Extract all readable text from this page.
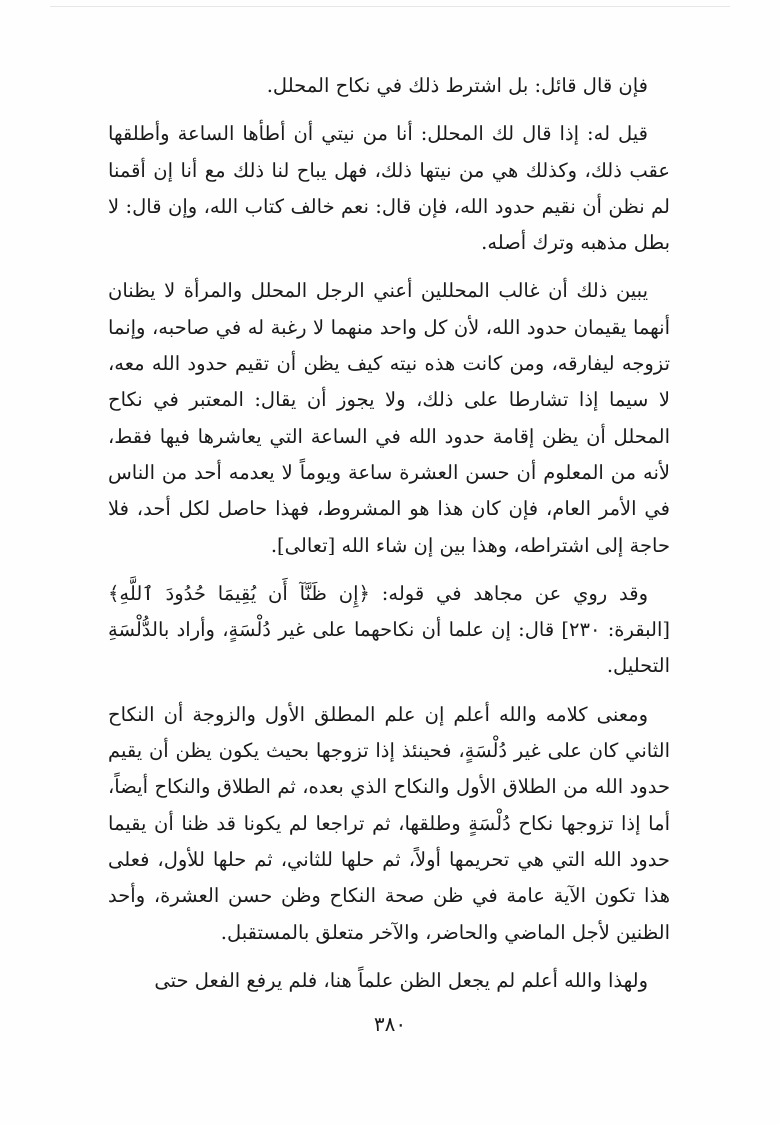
فإن قال قائل: بل اشترط ذلك في نكاح المحلل.

قيل له: إذا قال لك المحلل: أنا من نيتي أن أطأها الساعة وأطلقها عقب ذلك، وكذلك هي من نيتها ذلك، فهل يباح لنا ذلك مع أنا إن أقمنا لم نظن أن نقيم حدود الله، فإن قال: نعم خالف كتاب الله، وإن قال: لا بطل مذهبه وترك أصله.

يبين ذلك أن غالب المحللين أعني الرجل المحلل والمرأة لا يظنان أنهما يقيمان حدود الله، لأن كل واحد منهما لا رغبة له في صاحبه، وإنما تزوجه ليفارقه، ومن كانت هذه نيته كيف يظن أن تقيم حدود الله معه، لا سيما إذا تشارطا على ذلك، ولا يجوز أن يقال: المعتبر في نكاح المحلل أن يظن إقامة حدود الله في الساعة التي يعاشرها فيها فقط، لأنه من المعلوم أن حسن العشرة ساعة ويوماً لا يعدمه أحد من الناس في الأمر العام، فإن كان هذا هو المشروط، فهذا حاصل لكل أحد، فلا حاجة إلى اشتراطه، وهذا بين إن شاء الله [تعالى].

وقد روي عن مجاهد في قوله: ﴿إِن ظَنَّآ أَن يُقِيمَا حُدُودَ ٱللَّهِ﴾ [البقرة: ٢٣٠] قال: إن علما أن نكاحهما على غير دُلْسَةٍ، وأراد بالدُّلْسَةِ التحليل.

ومعنى كلامه والله أعلم إن علم المطلق الأول والزوجة أن النكاح الثاني كان على غير دُلْسَةٍ، فحينئذ إذا تزوجها بحيث يكون يظن أن يقيم حدود الله من الطلاق الأول والنكاح الذي بعده، ثم الطلاق والنكاح أيضاً، أما إذا تزوجها نكاح دُلْسَةٍ وطلقها، ثم تراجعا لم يكونا قد ظنا أن يقيما حدود الله التي هي تحريمها أولاً، ثم حلها للثاني، ثم حلها للأول، فعلى هذا تكون الآية عامة في ظن صحة النكاح وظن حسن العشرة، وأحد الظنين لأجل الماضي والحاضر، والآخر متعلق بالمستقبل.

ولهذا والله أعلم لم يجعل الظن علماً هنا، فلم يرفع الفعل حتى

٣٨٠
